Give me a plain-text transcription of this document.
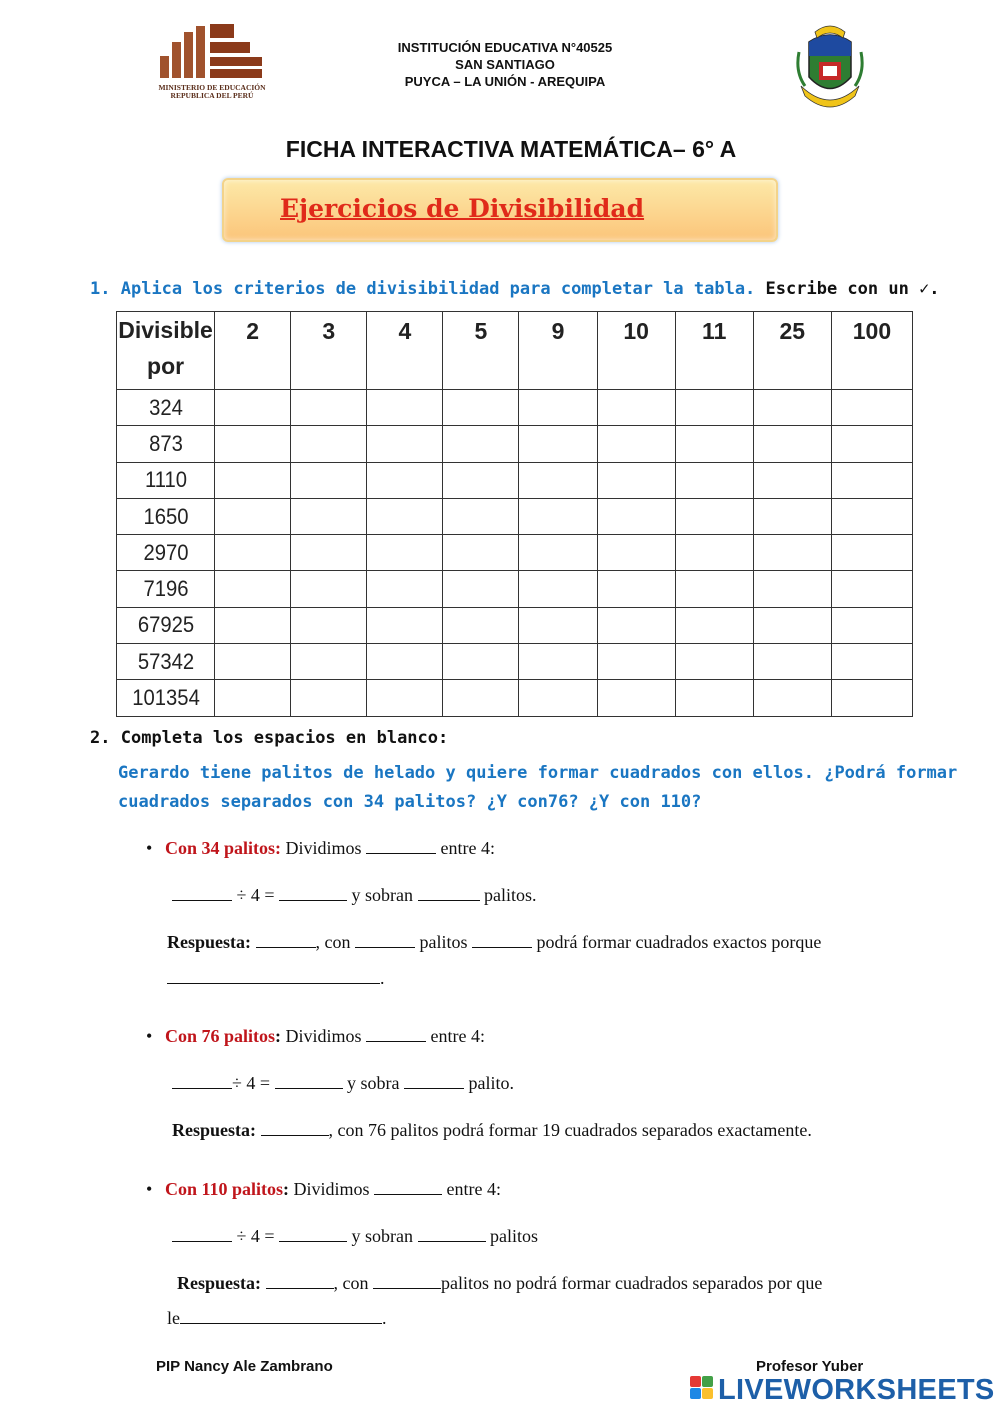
MINISTERIO DE EDUCACIÓN
REPUBLICA DEL PERÚ
INSTITUCIÓN EDUCATIVA N°40525
SAN SANTIAGO
PUYCA – LA UNIÓN - AREQUIPA
FICHA INTERACTIVA MATEMÁTICA– 6° A
Ejercicios de Divisibilidad
1. Aplica los criterios de divisibilidad para completar la tabla. Escribe con un ✓.
Divisible
por	2	3	4	5	9	10	11	25	100
324									
873									
1110									
1650									
2970									
7196									
67925									
57342									
101354									
2. Completa los espacios en blanco:
Gerardo tiene palitos de helado y quiere formar cuadrados con ellos. ¿Podrá formar cuadrados separados con 34 palitos? ¿Y con76? ¿Y con 110?
• Con 34 palitos: Dividimos	entre 4:
÷ 4 =	y sobran	palitos.
Respuesta:	, con	palitos	podrá formar cuadrados exactos porque
.
• Con 76 palitos: Dividimos	entre 4:
÷ 4 =	y sobra	palito.
Respuesta:	, con 76 palitos podrá formar 19 cuadrados separados exactamente.
• Con 110 palitos: Dividimos	entre 4:
÷ 4 =	y sobran	palitos
Respuesta:	, con	palitos no podrá formar cuadrados separados por que
le	.
PIP Nancy Ale Zambrano	Profesor Yuber
LIVEWORKSHEETS
